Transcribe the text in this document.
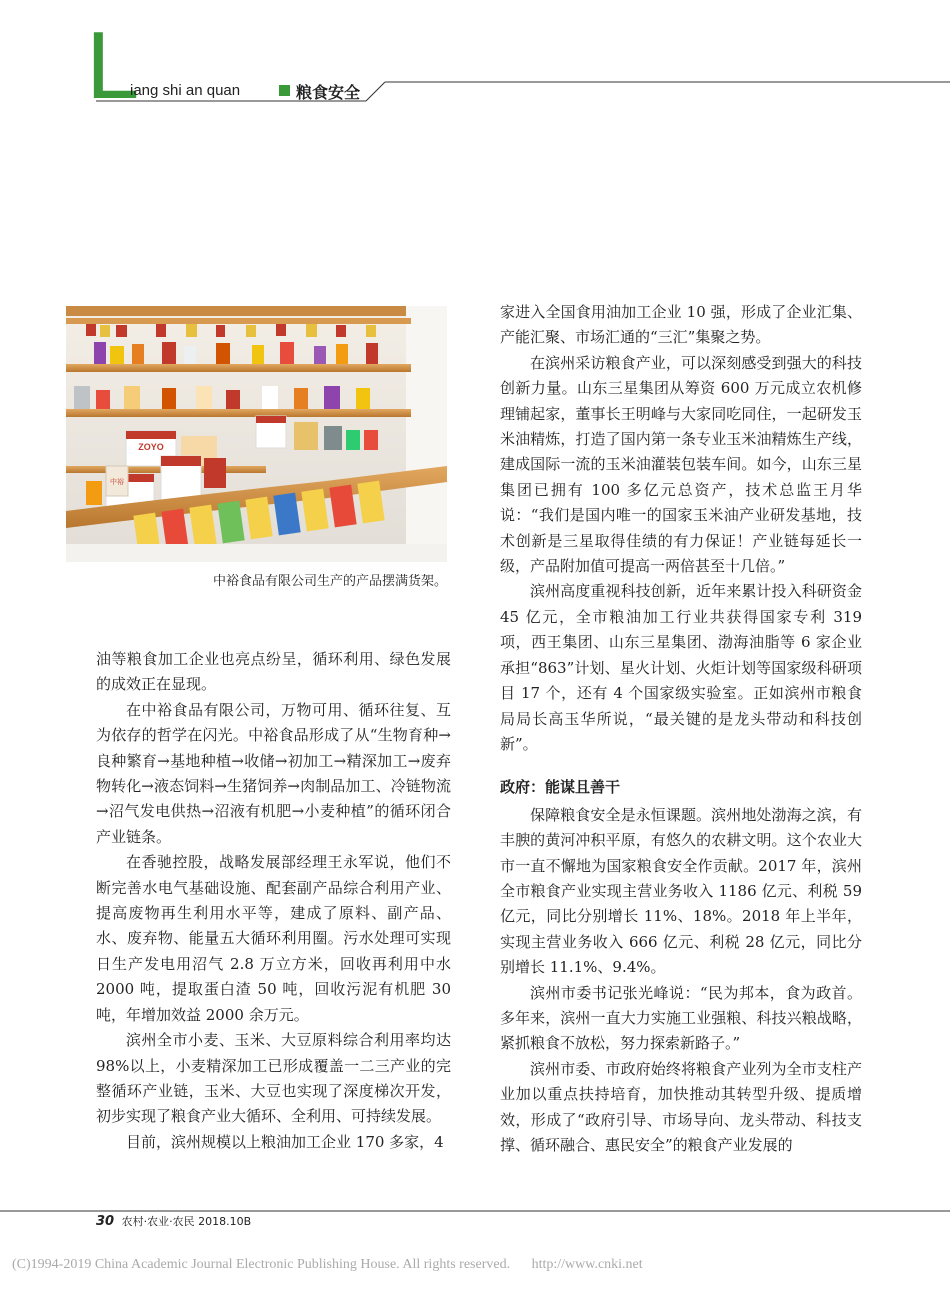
L
iang shi an quan	粮食安全
ZOYO
中裕
中裕食品有限公司生产的产品摆满货架。

油等粮食加工企业也亮点纷呈，循环利用、绿色发展的成效正在显现。

在中裕食品有限公司，万物可用、循环往复、互为依存的哲学在闪光。中裕食品形成了从“生物育种→良种繁育→基地种植→收储→初加工→精深加工→废弃物转化→液态饲料→生猪饲养→肉制品加工、冷链物流→沼气发电供热→沼液有机肥→小麦种植”的循环闭合产业链条。

在香驰控股，战略发展部经理王永军说，他们不断完善水电气基础设施、配套副产品综合利用产业、提高废物再生利用水平等，建成了原料、副产品、水、废弃物、能量五大循环利用圈。污水处理可实现日生产发电用沼气 2.8 万立方米，回收再利用中水 2000 吨，提取蛋白渣 50 吨，回收污泥有机肥 30 吨，年增加效益 2000 余万元。

滨州全市小麦、玉米、大豆原料综合利用率均达 98%以上，小麦精深加工已形成覆盖一二三产业的完整循环产业链，玉米、大豆也实现了深度梯次开发，初步实现了粮食产业大循环、全利用、可持续发展。

目前，滨州规模以上粮油加工企业 170 多家，4

家进入全国食用油加工企业 10 强，形成了企业汇集、产能汇聚、市场汇通的“三汇”集聚之势。

在滨州采访粮食产业，可以深刻感受到强大的科技创新力量。山东三星集团从筹资 600 万元成立农机修理铺起家，董事长王明峰与大家同吃同住，一起研发玉米油精炼，打造了国内第一条专业玉米油精炼生产线，建成国际一流的玉米油灌装包装车间。如今，山东三星集团已拥有 100 多亿元总资产，技术总监王月华说：“我们是国内唯一的国家玉米油产业研发基地，技术创新是三星取得佳绩的有力保证！产业链每延长一级，产品附加值可提高一两倍甚至十几倍。”

滨州高度重视科技创新，近年来累计投入科研资金 45 亿元，全市粮油加工行业共获得国家专利 319 项，西王集团、山东三星集团、渤海油脂等 6 家企业承担“863”计划、星火计划、火炬计划等国家级科研项目 17 个，还有 4 个国家级实验室。正如滨州市粮食局局长高玉华所说，“最关键的是龙头带动和科技创新”。

政府：能谋且善干

保障粮食安全是永恒课题。滨州地处渤海之滨，有丰腴的黄河冲积平原，有悠久的农耕文明。这个农业大市一直不懈地为国家粮食安全作贡献。2017 年，滨州全市粮食产业实现主营业务收入 1186 亿元、利税 59 亿元，同比分别增长 11%、18%。2018 年上半年，实现主营业务收入 666 亿元、利税 28 亿元，同比分别增长 11.1%、9.4%。

滨州市委书记张光峰说：“民为邦本，食为政首。多年来，滨州一直大力实施工业强粮、科技兴粮战略，紧抓粮食不放松，努力探索新路子。”

滨州市委、市政府始终将粮食产业列为全市支柱产业加以重点扶持培育，加快推动其转型升级、提质增效，形成了“政府引导、市场导向、龙头带动、科技支撑、循环融合、惠民安全”的粮食产业发展的

30 农村·农业·农民 2018.10B
(C)1994-2019 China Academic Journal Electronic Publishing House. All rights reserved. http://www.cnki.net
